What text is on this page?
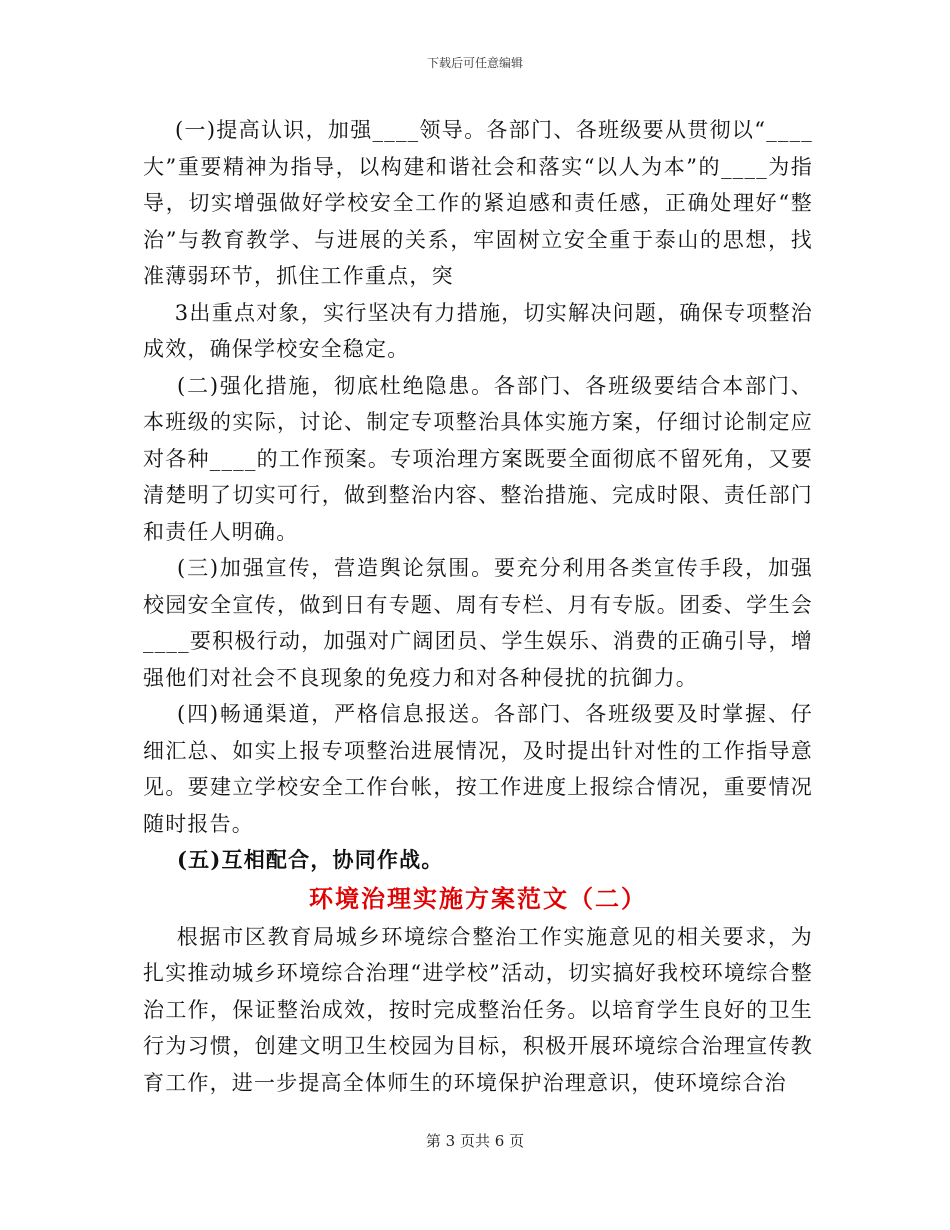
下载后可任意编辑

(一)提高认识，加强____领导。各部门、各班级要从贯彻以“____大”重要精神为指导，以构建和谐社会和落实“以人为本”的____为指导，切实增强做好学校安全工作的紧迫感和责任感，正确处理好“整治”与教育教学、与进展的关系，牢固树立安全重于泰山的思想，找准薄弱环节，抓住工作重点，突

3出重点对象，实行坚决有力措施，切实解决问题，确保专项整治成效，确保学校安全稳定。

(二)强化措施，彻底杜绝隐患。各部门、各班级要结合本部门、本班级的实际，讨论、制定专项整治具体实施方案，仔细讨论制定应对各种____的工作预案。专项治理方案既要全面彻底不留死角，又要清楚明了切实可行，做到整治内容、整治措施、完成时限、责任部门和责任人明确。

(三)加强宣传，营造舆论氛围。要充分利用各类宣传手段，加强校园安全宣传，做到日有专题、周有专栏、月有专版。团委、学生会____要积极行动，加强对广阔团员、学生娱乐、消费的正确引导，增强他们对社会不良现象的免疫力和对各种侵扰的抗御力。

(四)畅通渠道，严格信息报送。各部门、各班级要及时掌握、仔细汇总、如实上报专项整治进展情况，及时提出针对性的工作指导意见。要建立学校安全工作台帐，按工作进度上报综合情况，重要情况随时报告。

(五)互相配合，协同作战。

环境治理实施方案范文（二）

根据市区教育局城乡环境综合整治工作实施意见的相关要求，为扎实推动城乡环境综合治理“进学校”活动，切实搞好我校环境综合整治工作，保证整治成效，按时完成整治任务。以培育学生良好的卫生行为习惯，创建文明卫生校园为目标，积极开展环境综合治理宣传教育工作，进一步提高全体师生的环境保护治理意识，使环境综合治

第 3 页共 6 页
